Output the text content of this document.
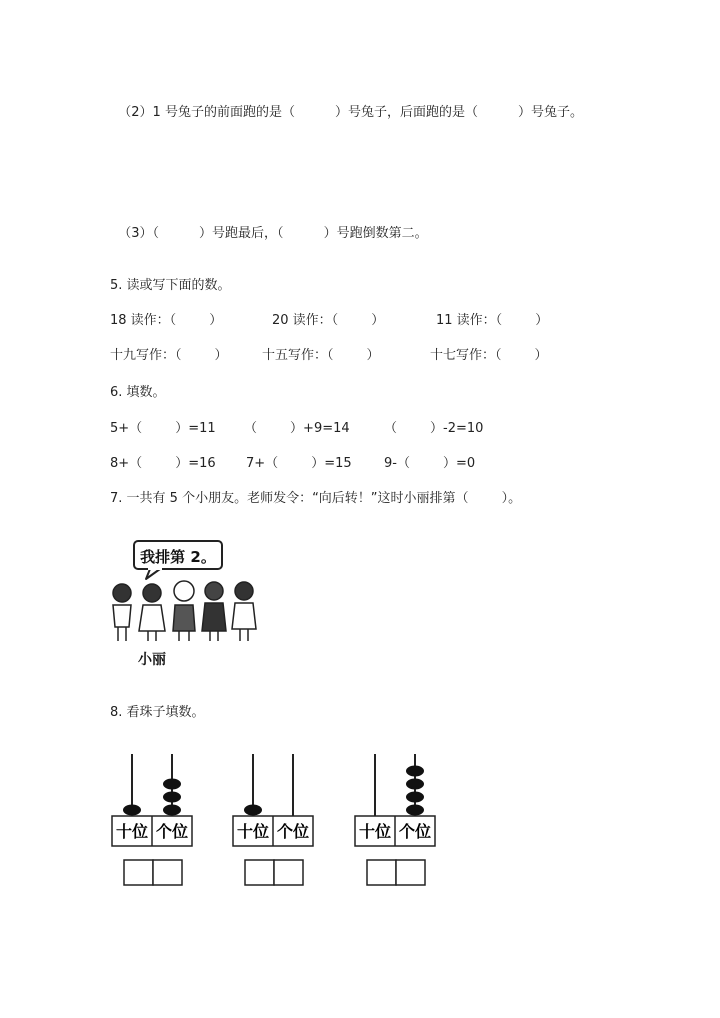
（2）1 号兔子的前面跑的是（	）号兔子，后面跑的是（	）号兔子。

（3）（	）号跑最后，（	）号跑倒数第二。

5. 读或写下面的数。
18 读作：（        ）	20 读作：（        ）	11 读作：（        ）
十九写作：（        ）	十五写作：（        ）	十七写作：（        ）
6. 填数。
5+（        ）=11 （        ）+9=14	（        ）-2=10
8+（        ）=16 7+（        ）=15 9-（        ）=0
7. 一共有 5 个小朋友。老师发令：“向后转！”这时小丽排第（        ）。
我排第 2。
小丽
8. 看珠子填数。
十位 个位	十位 个位	十位 个位
